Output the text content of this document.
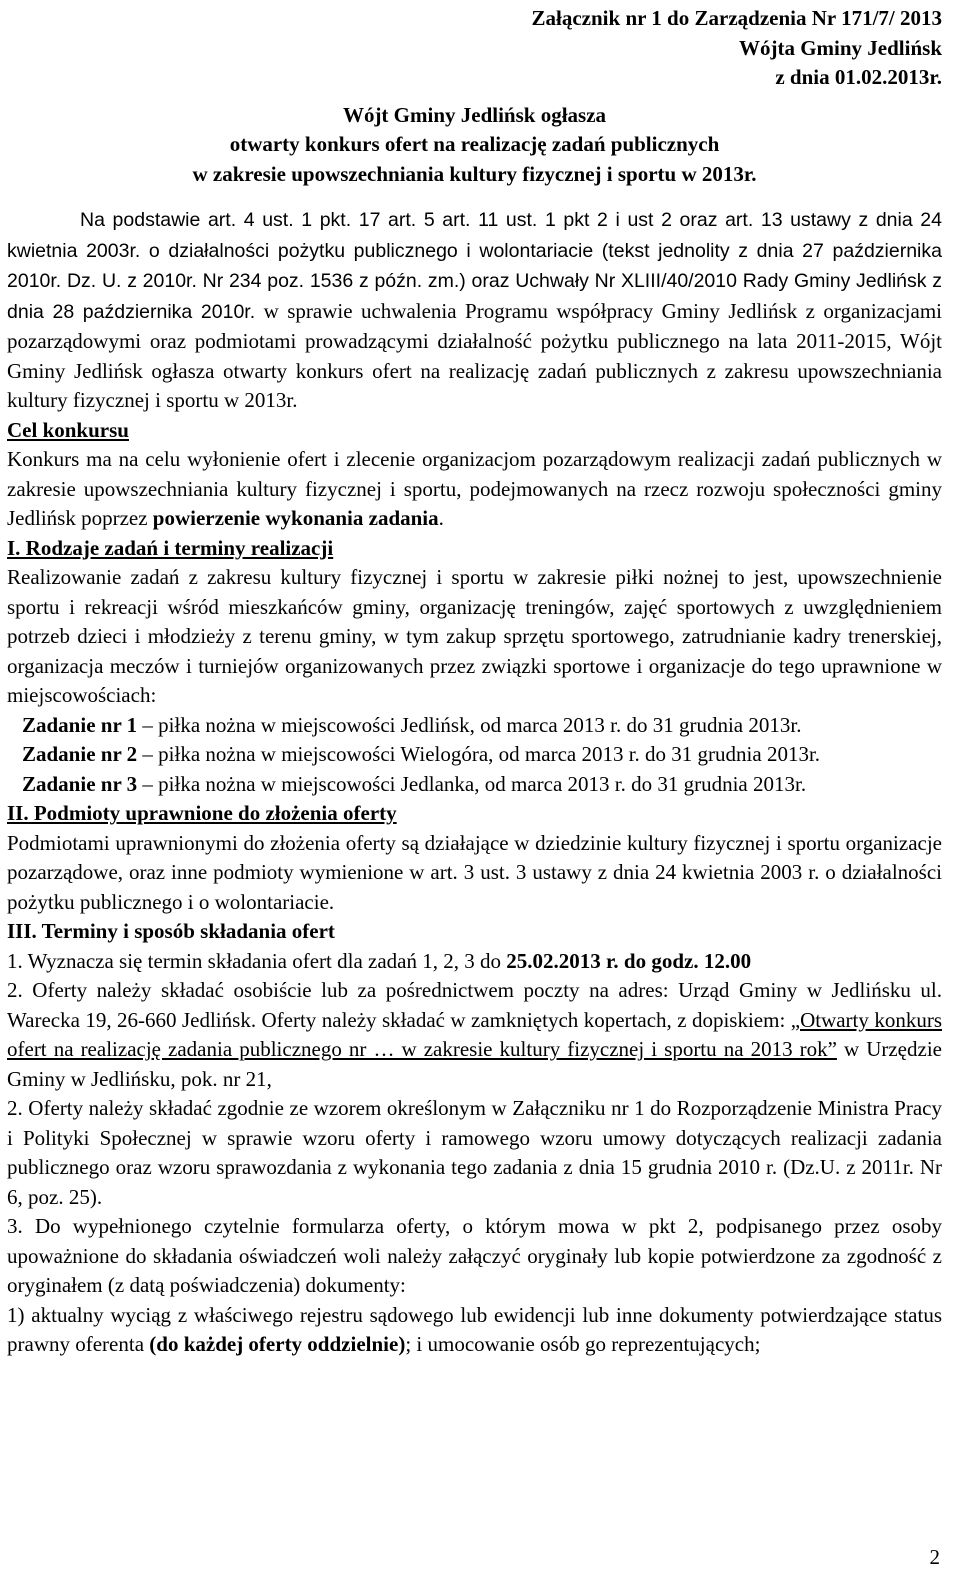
Załącznik nr 1 do Zarządzenia Nr 171/7/ 2013

Wójta Gminy Jedlińsk

z dnia 01.02.2013r.

Wójt Gminy Jedlińsk ogłasza

otwarty konkurs ofert na realizację zadań publicznych

w zakresie upowszechniania kultury fizycznej i sportu w 2013r.

Na podstawie art. 4 ust. 1 pkt. 17 art. 5 art. 11 ust. 1 pkt 2 i ust 2 oraz art. 13 ustawy z dnia 24 kwietnia 2003r. o działalności pożytku publicznego i wolontariacie (tekst jednolity z dnia 27 października 2010r. Dz. U. z 2010r. Nr 234 poz. 1536 z późn. zm.) oraz Uchwały Nr XLIII/40/2010 Rady Gminy Jedlińsk z dnia 28 października 2010r. w sprawie uchwalenia Programu współpracy Gminy Jedlińsk z organizacjami pozarządowymi oraz podmiotami prowadzącymi działalność pożytku publicznego na lata 2011-2015, Wójt Gminy Jedlińsk ogłasza otwarty konkurs ofert na realizację zadań publicznych z zakresu upowszechniania kultury fizycznej i sportu w 2013r.

Cel konkursu

Konkurs ma na celu wyłonienie ofert i zlecenie organizacjom pozarządowym realizacji zadań publicznych w zakresie upowszechniania kultury fizycznej i sportu, podejmowanych na rzecz rozwoju społeczności gminy Jedlińsk poprzez powierzenie wykonania zadania.

I. Rodzaje zadań i terminy realizacji

Realizowanie zadań z zakresu kultury fizycznej i sportu w zakresie piłki nożnej to jest, upowszechnienie sportu i rekreacji wśród mieszkańców gminy, organizację treningów, zajęć sportowych z uwzględnieniem potrzeb dzieci i młodzieży z terenu gminy, w tym zakup sprzętu sportowego, zatrudnianie kadry trenerskiej, organizacja meczów i turniejów organizowanych przez związki sportowe i organizacje do tego uprawnione w miejscowościach:

Zadanie nr 1 – piłka nożna w miejscowości Jedlińsk, od marca 2013 r. do 31 grudnia 2013r.

Zadanie nr 2 – piłka nożna w miejscowości Wielogóra, od marca 2013 r. do 31 grudnia 2013r.

Zadanie nr 3 – piłka nożna w miejscowości Jedlanka, od marca 2013 r. do 31 grudnia 2013r.

II. Podmioty uprawnione do złożenia oferty

Podmiotami uprawnionymi do złożenia oferty są działające w dziedzinie kultury fizycznej i sportu organizacje pozarządowe, oraz inne podmioty wymienione w art. 3 ust. 3 ustawy z dnia 24 kwietnia 2003 r. o działalności pożytku publicznego i o wolontariacie.

III. Terminy i sposób składania ofert

1. Wyznacza się termin składania ofert dla zadań 1, 2, 3 do 25.02.2013 r. do godz. 12.00

2. Oferty należy składać osobiście lub za pośrednictwem poczty na adres: Urząd Gminy w Jedlińsku ul. Warecka 19, 26-660 Jedlińsk. Oferty należy składać w zamkniętych kopertach, z dopiskiem: „Otwarty konkurs ofert na realizację zadania publicznego nr … w zakresie kultury fizycznej i sportu na 2013 rok” w Urzędzie Gminy w Jedlińsku, pok. nr 21,

2. Oferty należy składać zgodnie ze wzorem określonym w Załączniku nr 1 do Rozporządzenie Ministra Pracy i Polityki Społecznej w sprawie wzoru oferty i ramowego wzoru umowy dotyczących realizacji zadania publicznego oraz wzoru sprawozdania z wykonania tego zadania z dnia 15 grudnia 2010 r. (Dz.U. z 2011r. Nr 6, poz. 25).

3. Do wypełnionego czytelnie formularza oferty, o którym mowa w pkt 2, podpisanego przez osoby upoważnione do składania oświadczeń woli należy załączyć oryginały lub kopie potwierdzone za zgodność z oryginałem (z datą poświadczenia) dokumenty:

1) aktualny wyciąg z właściwego rejestru sądowego lub ewidencji lub inne dokumenty potwierdzające status prawny oferenta (do każdej oferty oddzielnie); i umocowanie osób go reprezentujących;

2
